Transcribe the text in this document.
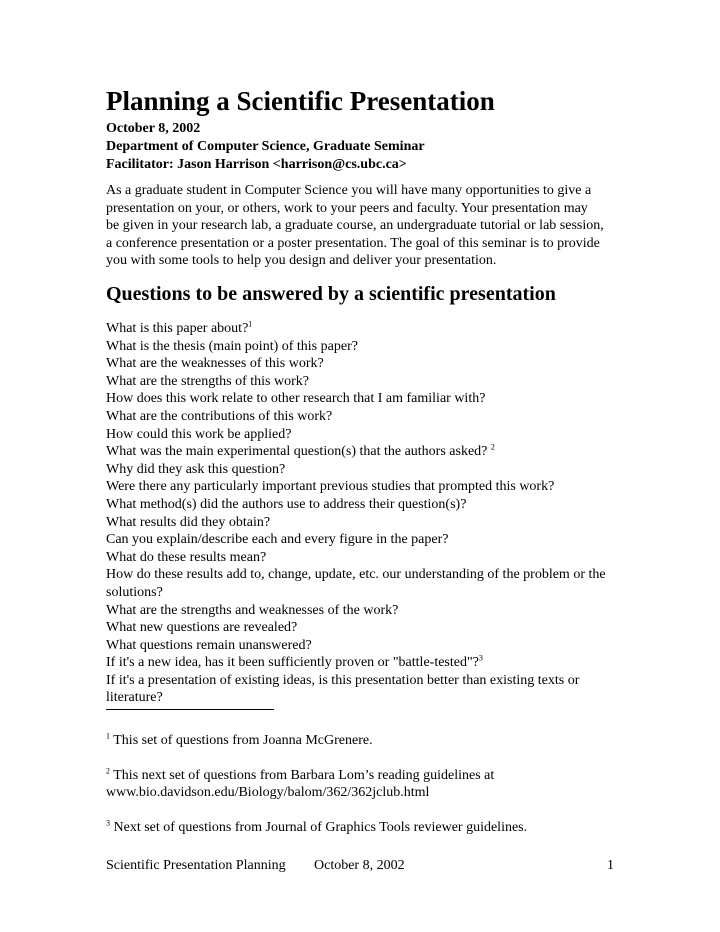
Planning a Scientific Presentation
October 8, 2002
Department of Computer Science, Graduate Seminar
Facilitator: Jason Harrison <harrison@cs.ubc.ca>
As a graduate student in Computer Science you will have many opportunities to give a
presentation on your, or others, work to your peers and faculty. Your presentation may
be given in your research lab, a graduate course, an undergraduate tutorial or lab session,
a conference presentation or a poster presentation. The goal of this seminar is to provide
you with some tools to help you design and deliver your presentation.
Questions to be answered by a scientific presentation
What is this paper about?$^1$
What is the thesis (main point) of this paper?
What are the weaknesses of this work?
What are the strengths of this work?
How does this work relate to other research that I am familiar with?
What are the contributions of this work?
How could this work be applied?
What was the main experimental question(s) that the authors asked? $^2$
Why did they ask this question?
Were there any particularly important previous studies that prompted this work?
What method(s) did the authors use to address their question(s)?
What results did they obtain?
Can you explain/describe each and every figure in the paper?
What do these results mean?
How do these results add to, change, update, etc. our understanding of the problem or the
solutions?
What are the strengths and weaknesses of the work?
What new questions are revealed?
What questions remain unanswered?
If it's a new idea, has it been sufficiently proven or "battle-tested"?$^3$
If it's a presentation of existing ideas, is this presentation better than existing texts or
literature?
$^1$ This set of questions from Joanna McGrenere.
$^2$ This next set of questions from Barbara Lom’s reading guidelines at
www.bio.davidson.edu/Biology/balom/362/362jclub.html
$^3$ Next set of questions from Journal of Graphics Tools reviewer guidelines.
Scientific Presentation Planning October 8, 2002	1
